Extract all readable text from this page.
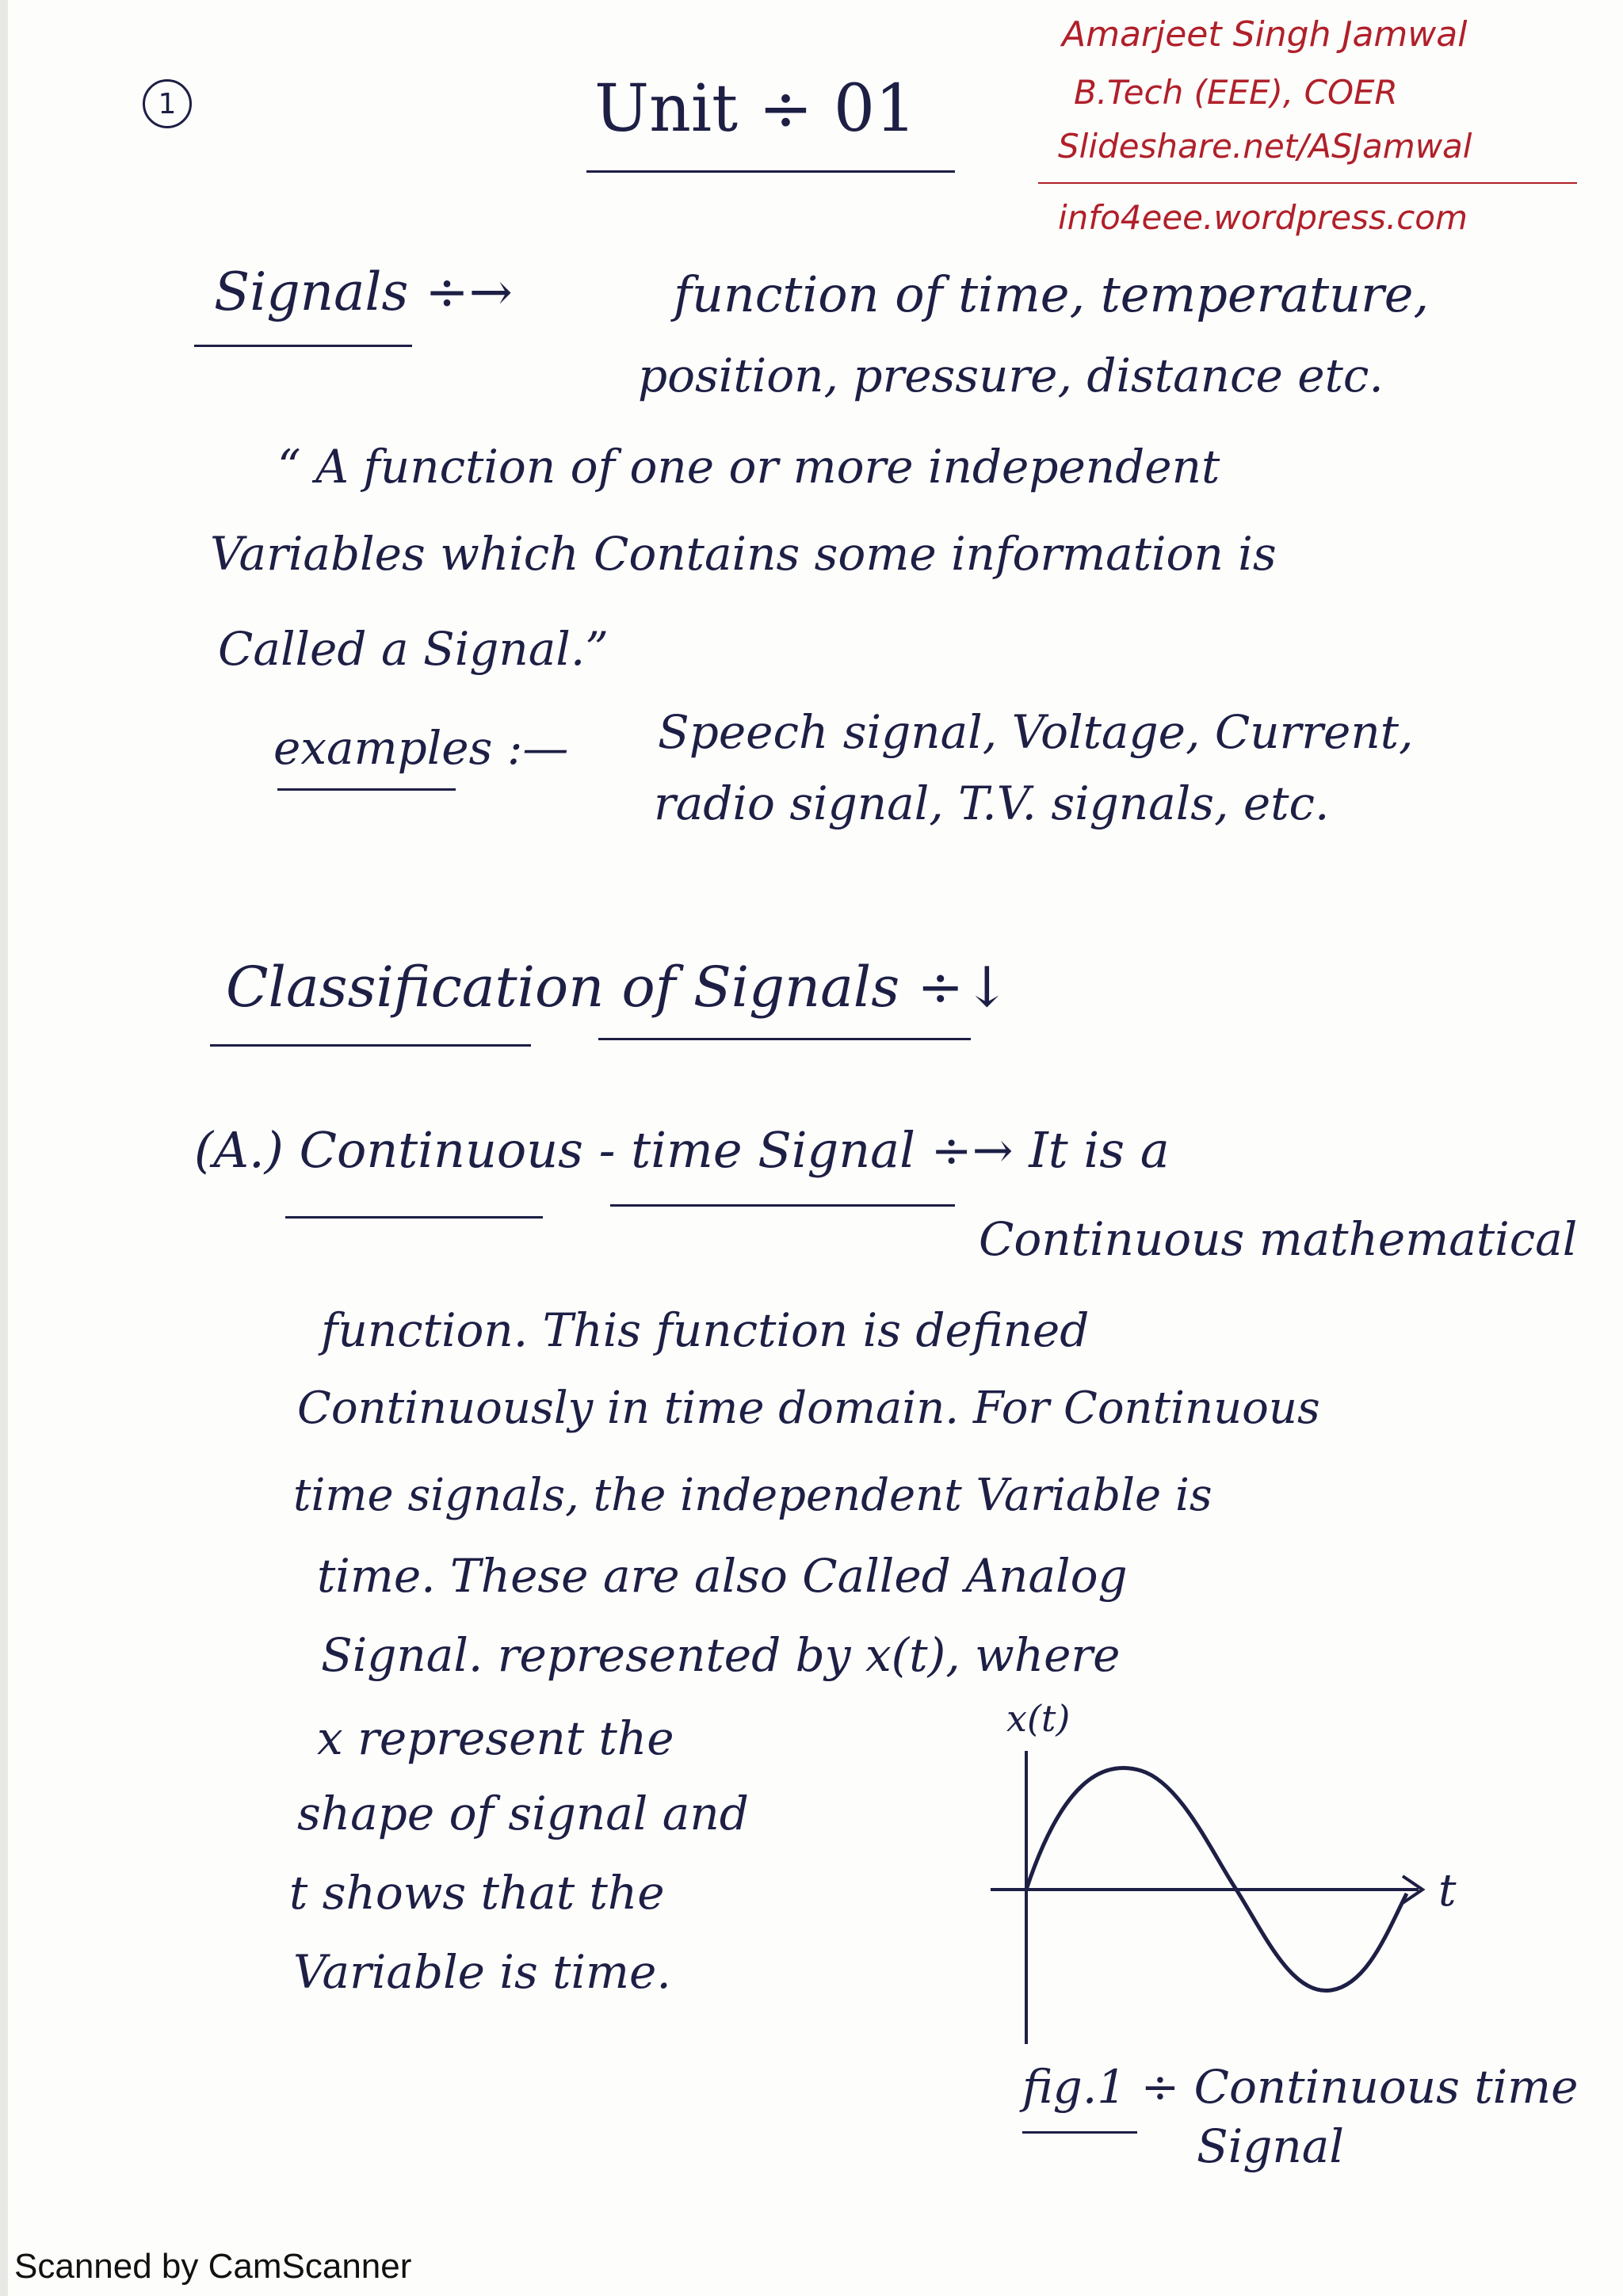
1	Unit ÷ 01
Amarjeet Singh Jamwal
B.Tech (EEE), COER
Slideshare.net/ASJamwal
info4eee.wordpress.com
Signals ÷→	function of time, temperature,
position, pressure, distance etc.
“ A function of one or more independent
Variables which Contains some information is
Called a Signal.”
examples :— Speech signal, Voltage, Current,
radio signal, T.V. signals, etc.
Classification of Signals ÷↓
(A.) Continuous - time Signal ÷→ It is a
Continuous mathematical
function. This function is defined
Continuously in time domain. For Continuous
time signals, the independent Variable is
time. These are also Called Analog
Signal. represented by x(t), where
x represent the
shape of signal and
t shows that the
Variable is time.
x(t)
t
fig.1 ÷ Continuous time
Signal
Scanned by CamScanner
